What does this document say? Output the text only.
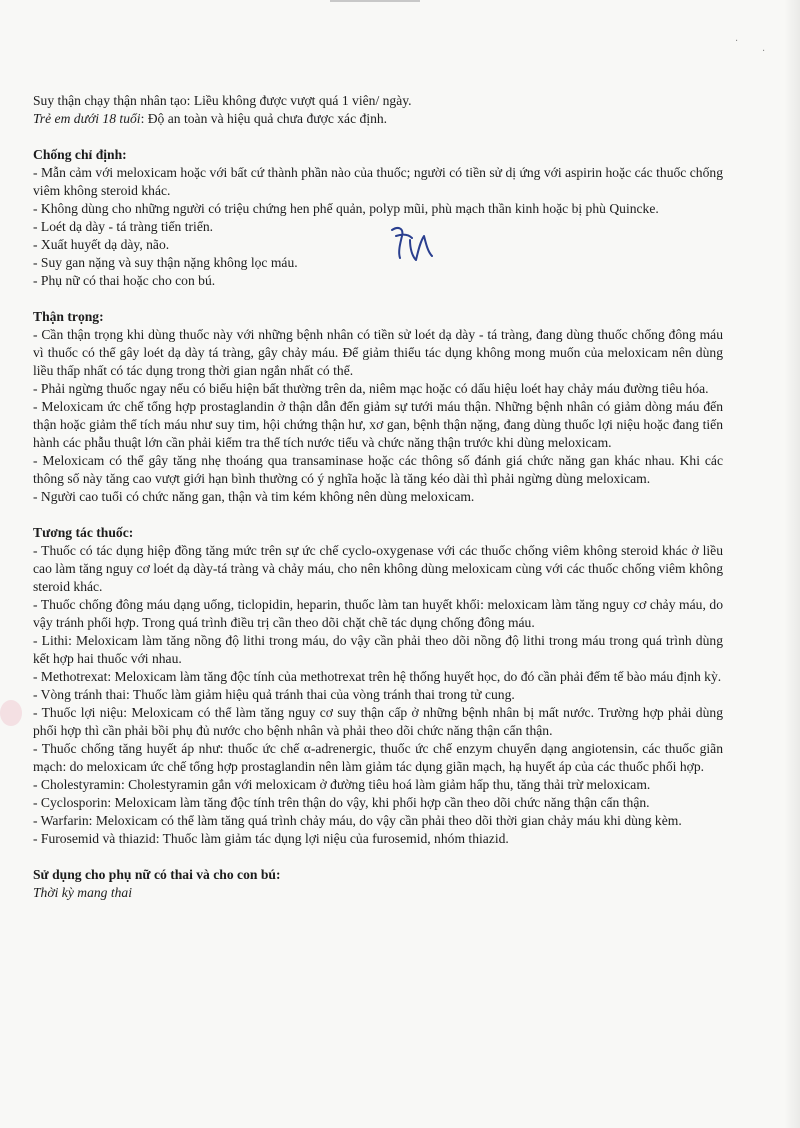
·
·

Suy thận chạy thận nhân tạo: Liều không được vượt quá 1 viên/ ngày.

Trẻ em dưới 18 tuổi: Độ an toàn và hiệu quả chưa được xác định.

Chống chỉ định:

- Mẫn cảm với meloxicam hoặc với bất cứ thành phần nào của thuốc; người có tiền sử dị ứng với aspirin hoặc các thuốc chống viêm không steroid khác.

- Không dùng cho những người có triệu chứng hen phế quản, polyp mũi, phù mạch thần kinh hoặc bị phù Quincke.

- Loét dạ dày - tá tràng tiến triển.

- Xuất huyết dạ dày, não.

- Suy gan nặng và suy thận nặng không lọc máu.

- Phụ nữ có thai hoặc cho con bú.

Thận trọng:

- Cần thận trọng khi dùng thuốc này với những bệnh nhân có tiền sử loét dạ dày - tá tràng, đang dùng thuốc chống đông máu vì thuốc có thể gây loét dạ dày tá tràng, gây chảy máu. Để giảm thiểu tác dụng không mong muốn của meloxicam nên dùng liều thấp nhất có tác dụng trong thời gian ngắn nhất có thể.

- Phải ngừng thuốc ngay nếu có biểu hiện bất thường trên da, niêm mạc hoặc có dấu hiệu loét hay chảy máu đường tiêu hóa.

- Meloxicam ức chế tổng hợp prostaglandin ở thận dẫn đến giảm sự tưới máu thận. Những bệnh nhân có giảm dòng máu đến thận hoặc giảm thể tích máu như suy tim, hội chứng thận hư, xơ gan, bệnh thận nặng, đang dùng thuốc lợi niệu hoặc đang tiến hành các phẫu thuật lớn cần phải kiểm tra thể tích nước tiểu và chức năng thận trước khi dùng meloxicam.

- Meloxicam có thể gây tăng nhẹ thoáng qua transaminase hoặc các thông số đánh giá chức năng gan khác nhau. Khi các thông số này tăng cao vượt giới hạn bình thường có ý nghĩa hoặc là tăng kéo dài thì phải ngừng dùng meloxicam.

- Người cao tuổi có chức năng gan, thận và tim kém không nên dùng meloxicam.

Tương tác thuốc:

- Thuốc có tác dụng hiệp đồng tăng mức trên sự ức chế cyclo-oxygenase với các thuốc chống viêm không steroid khác ở liều cao làm tăng nguy cơ loét dạ dày-tá tràng và chảy máu, cho nên không dùng meloxicam cùng với các thuốc chống viêm không steroid khác.

- Thuốc chống đông máu dạng uống, ticlopidin, heparin, thuốc làm tan huyết khối: meloxicam làm tăng nguy cơ chảy máu, do vậy tránh phối hợp. Trong quá trình điều trị cần theo dõi chặt chẽ tác dụng chống đông máu.

- Lithi: Meloxicam làm tăng nồng độ lithi trong máu, do vậy cần phải theo dõi nồng độ lithi trong máu trong quá trình dùng kết hợp hai thuốc với nhau.

- Methotrexat: Meloxicam làm tăng độc tính của methotrexat trên hệ thống huyết học, do đó cần phải đếm tế bào máu định kỳ.

- Vòng tránh thai: Thuốc làm giảm hiệu quả tránh thai của vòng tránh thai trong tử cung.

- Thuốc lợi niệu: Meloxicam có thể làm tăng nguy cơ suy thận cấp ở những bệnh nhân bị mất nước. Trường hợp phải dùng phối hợp thì cần phải bồi phụ đủ nước cho bệnh nhân và phải theo dõi chức năng thận cẩn thận.

- Thuốc chống tăng huyết áp như: thuốc ức chế α-adrenergic, thuốc ức chế enzym chuyển dạng angiotensin, các thuốc giãn mạch: do meloxicam ức chế tổng hợp prostaglandin nên làm giảm tác dụng giãn mạch, hạ huyết áp của các thuốc phối hợp.

- Cholestyramin: Cholestyramin gắn với meloxicam ở đường tiêu hoá làm giảm hấp thu, tăng thải trừ meloxicam.

- Cyclosporin: Meloxicam làm tăng độc tính trên thận do vậy, khi phối hợp cần theo dõi chức năng thận cẩn thận.

- Warfarin: Meloxicam có thể làm tăng quá trình chảy máu, do vậy cần phải theo dõi thời gian chảy máu khi dùng kèm.

- Furosemid và thiazid: Thuốc làm giảm tác dụng lợi niệu của furosemid, nhóm thiazid.

Sử dụng cho phụ nữ có thai và cho con bú:

Thời kỳ mang thai
